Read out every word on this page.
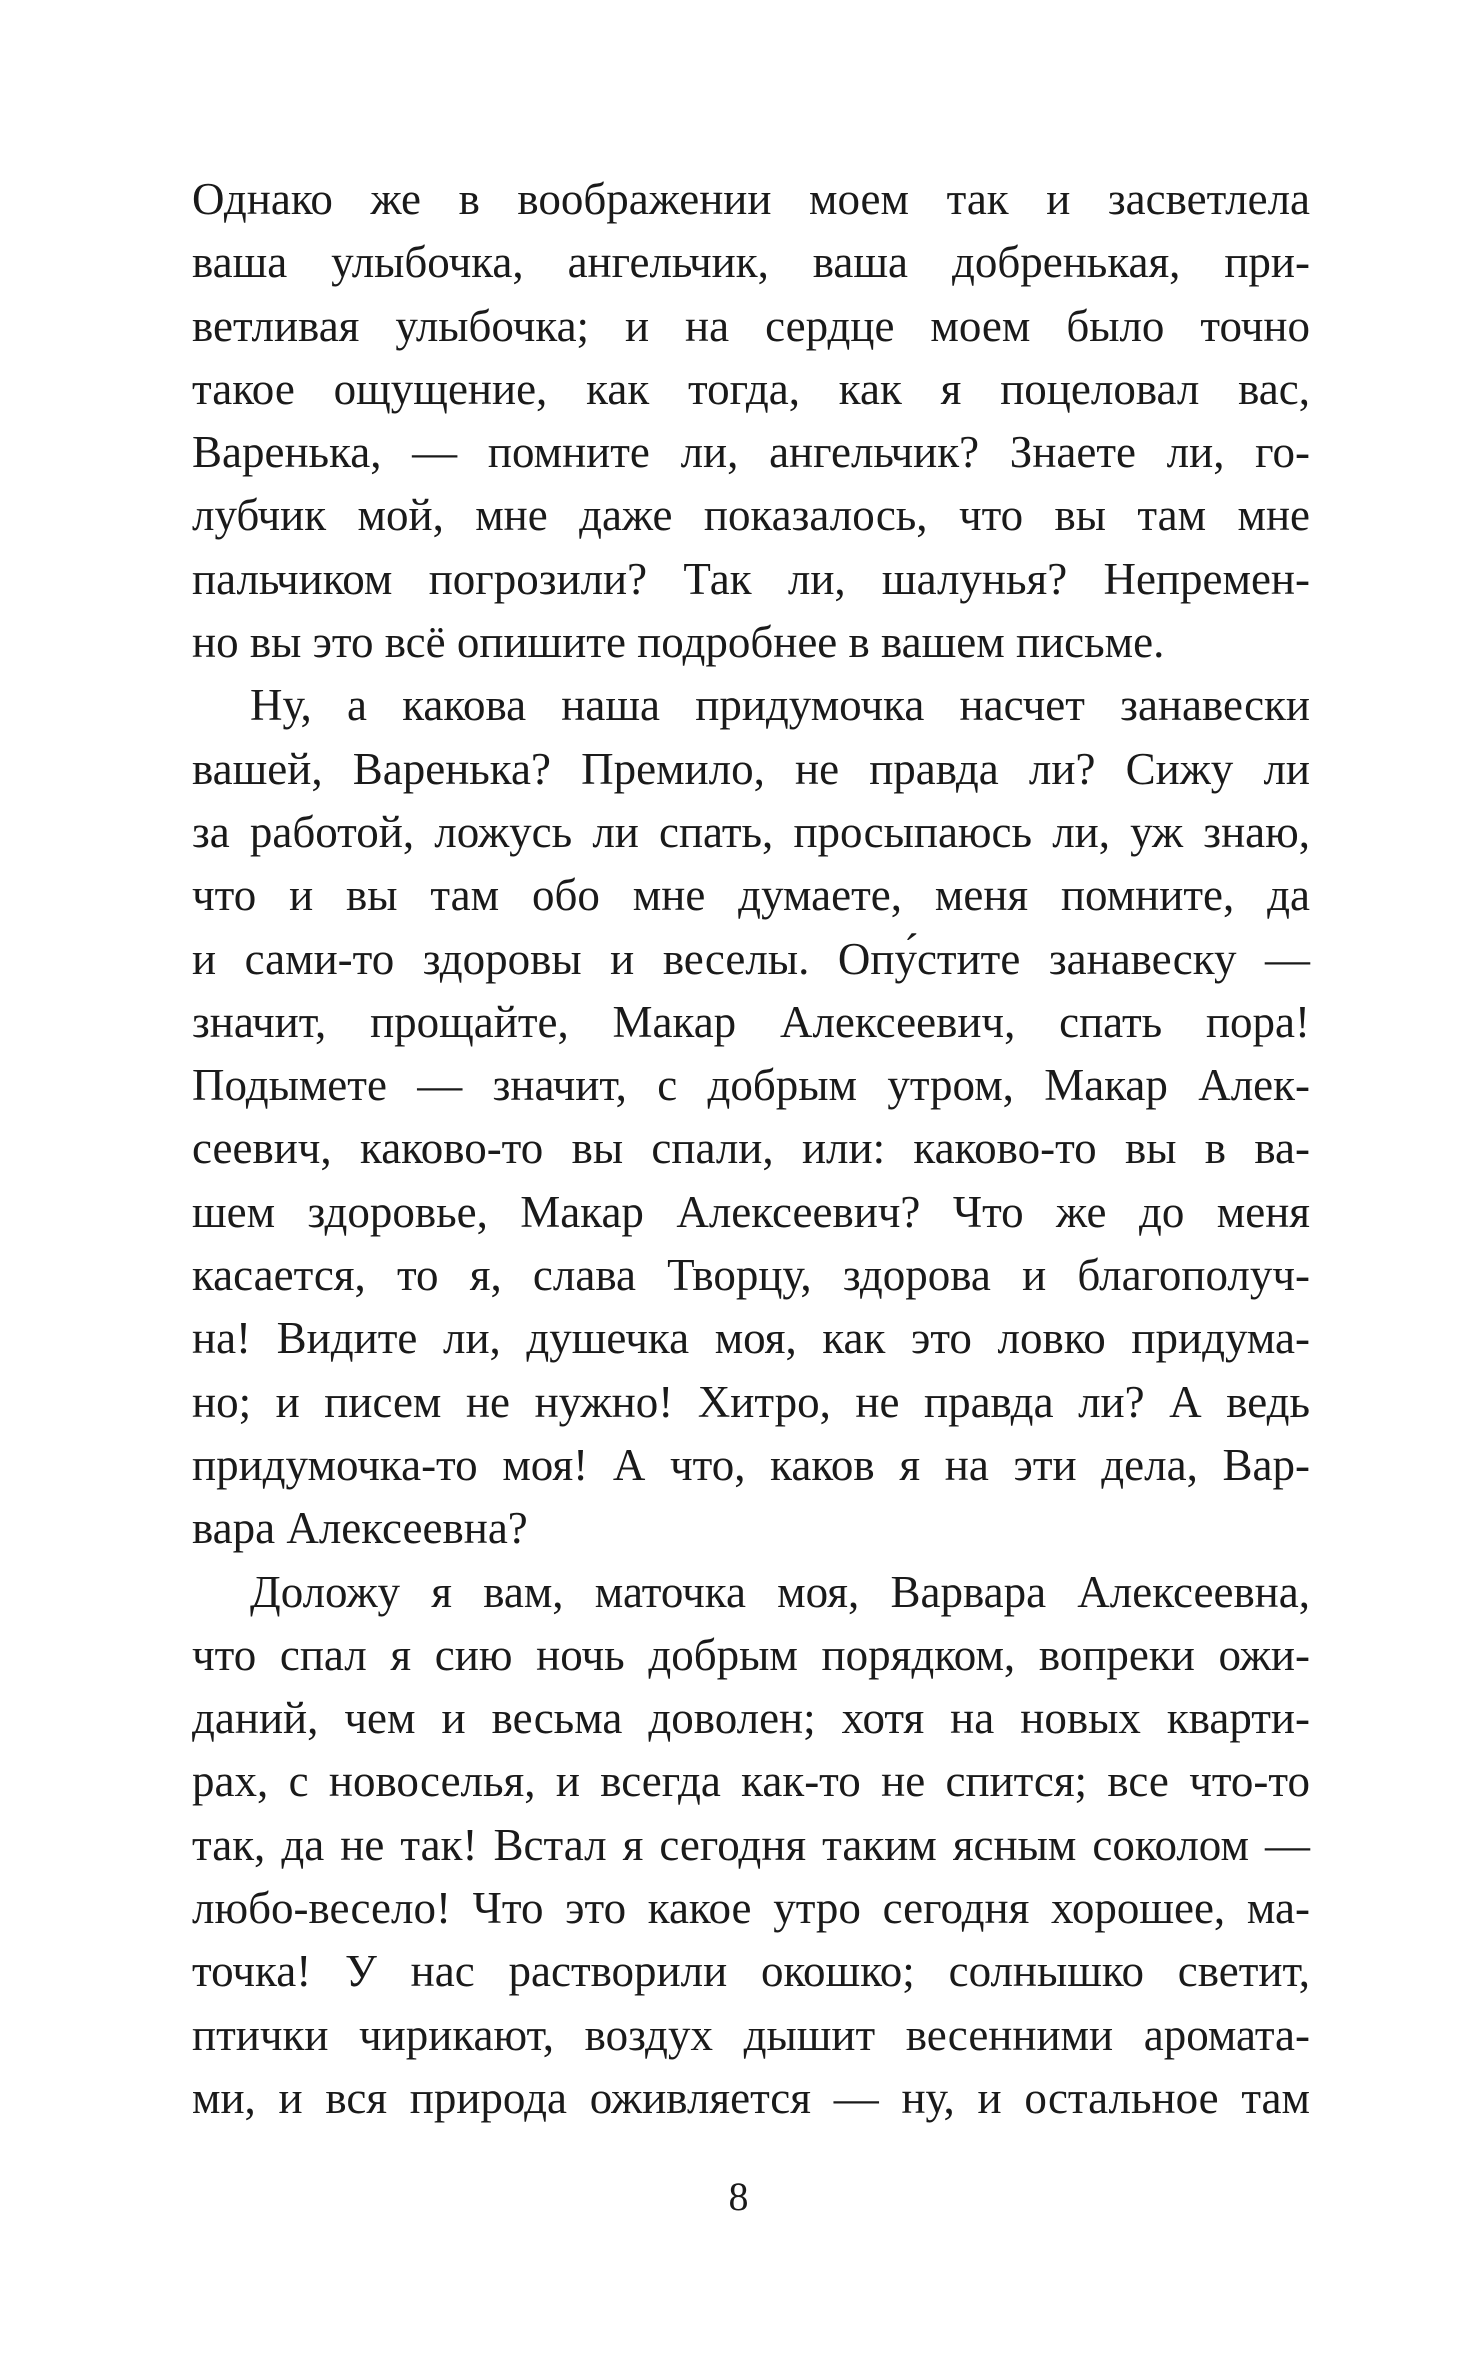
Однако же в воображении моем так и засветлела
ваша улыбочка, ангельчик, ваша добренькая, при-
ветливая улыбочка; и на сердце моем было точно
такое ощущение, как тогда, как я поцеловал вас,
Варенька, — помните ли, ангельчик? Знаете ли, го-
лубчик мой, мне даже показалось, что вы там мне
пальчиком погрозили? Так ли, шалунья? Непремен-
но вы это всё опишите подробнее в вашем письме.
Ну, а какова наша придумочка насчет занавески
вашей, Варенька? Премило, не правда ли? Сижу ли
за работой, ложусь ли спать, просыпаюсь ли, уж знаю,
что и вы там обо мне думаете, меня помните, да
и сами-то здоровы и веселы. Опу́стите занавеску —
значит, прощайте, Макар Алексеевич, спать пора!
Подымете — значит, с добрым утром, Макар Алек-
сеевич, каково-то вы спали, или: каково-то вы в ва-
шем здоровье, Макар Алексеевич? Что же до меня
касается, то я, слава Творцу, здорова и благополуч-
на! Видите ли, душечка моя, как это ловко придума-
но; и писем не нужно! Хитро, не правда ли? А ведь
придумочка-то моя! А что, каков я на эти дела, Вар-
вара Алексеевна?
Доложу я вам, маточка моя, Варвара Алексеевна,
что спал я сию ночь добрым порядком, вопреки ожи-
даний, чем и весьма доволен; хотя на новых кварти-
рах, с новоселья, и всегда как-то не спится; все что-то
так, да не так! Встал я сегодня таким ясным соколом —
любо-весело! Что это какое утро сегодня хорошее, ма-
точка! У нас растворили окошко; солнышко светит,
птички чирикают, воздух дышит весенними аромата-
ми, и вся природа оживляется — ну, и остальное там
8
